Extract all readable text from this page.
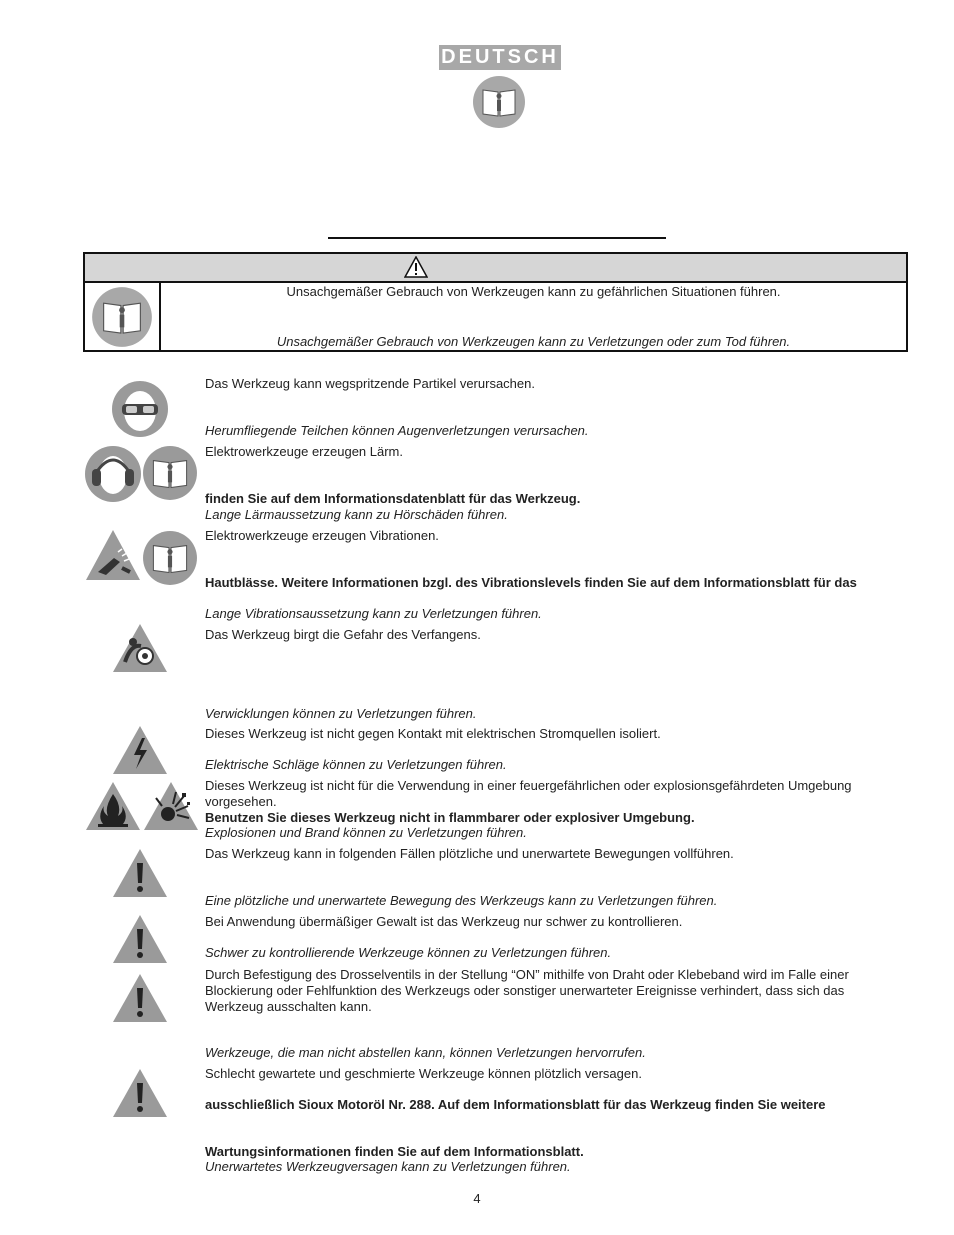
DEUTSCH
Unsachgemäßer Gebrauch von Werkzeugen kann zu gefährlichen Situationen führen.
Unsachgemäßer Gebrauch von Werkzeugen kann zu Verletzungen oder zum Tod führen.
Das Werkzeug kann wegspritzende Partikel verursachen.
Herumfliegende Teilchen können Augenverletzungen verursachen.
Elektrowerkzeuge erzeugen Lärm.
finden Sie auf dem Informationsdatenblatt für das Werkzeug.
Lange Lärmaussetzung kann zu Hörschäden führen.
Elektrowerkzeuge erzeugen Vibrationen.
Hautblässe. Weitere Informationen bzgl. des Vibrationslevels finden Sie auf dem Informationsblatt für das
Lange Vibrationsaussetzung kann zu Verletzungen führen.
Das Werkzeug birgt die Gefahr des Verfangens.
Verwicklungen können zu Verletzungen führen.
Dieses Werkzeug ist nicht gegen Kontakt mit elektrischen Stromquellen isoliert.
Elektrische Schläge können zu Verletzungen führen.
Dieses Werkzeug ist nicht für die Verwendung in einer feuergefährlichen oder explosionsgefährdeten Umgebung vorgesehen.
Benutzen Sie dieses Werkzeug nicht in flammbarer oder explosiver Umgebung.
Explosionen und Brand können zu Verletzungen führen.
Das Werkzeug kann in folgenden Fällen plötzliche und unerwartete Bewegungen vollführen.
Eine plötzliche und unerwartete Bewegung des Werkzeugs kann zu Verletzungen führen.
Bei Anwendung übermäßiger Gewalt ist das Werkzeug nur schwer zu kontrollieren.
Schwer zu kontrollierende Werkzeuge können zu Verletzungen führen.
Durch Befestigung des Drosselventils in der Stellung “ON” mithilfe von Draht oder Klebeband wird im Falle einer Blockierung oder Fehlfunktion des Werkzeugs oder sonstiger unerwarteter Ereignisse verhindert, dass sich das Werkzeug ausschalten kann.
Werkzeuge, die man nicht abstellen kann, können Verletzungen hervorrufen.
Schlecht gewartete und geschmierte Werkzeuge können plötzlich versagen.
ausschließlich Sioux Motoröl Nr. 288. Auf dem Informationsblatt für das Werkzeug finden Sie weitere
Wartungsinformationen finden Sie auf dem Informationsblatt.
Unerwartetes Werkzeugversagen kann zu Verletzungen führen.
4
